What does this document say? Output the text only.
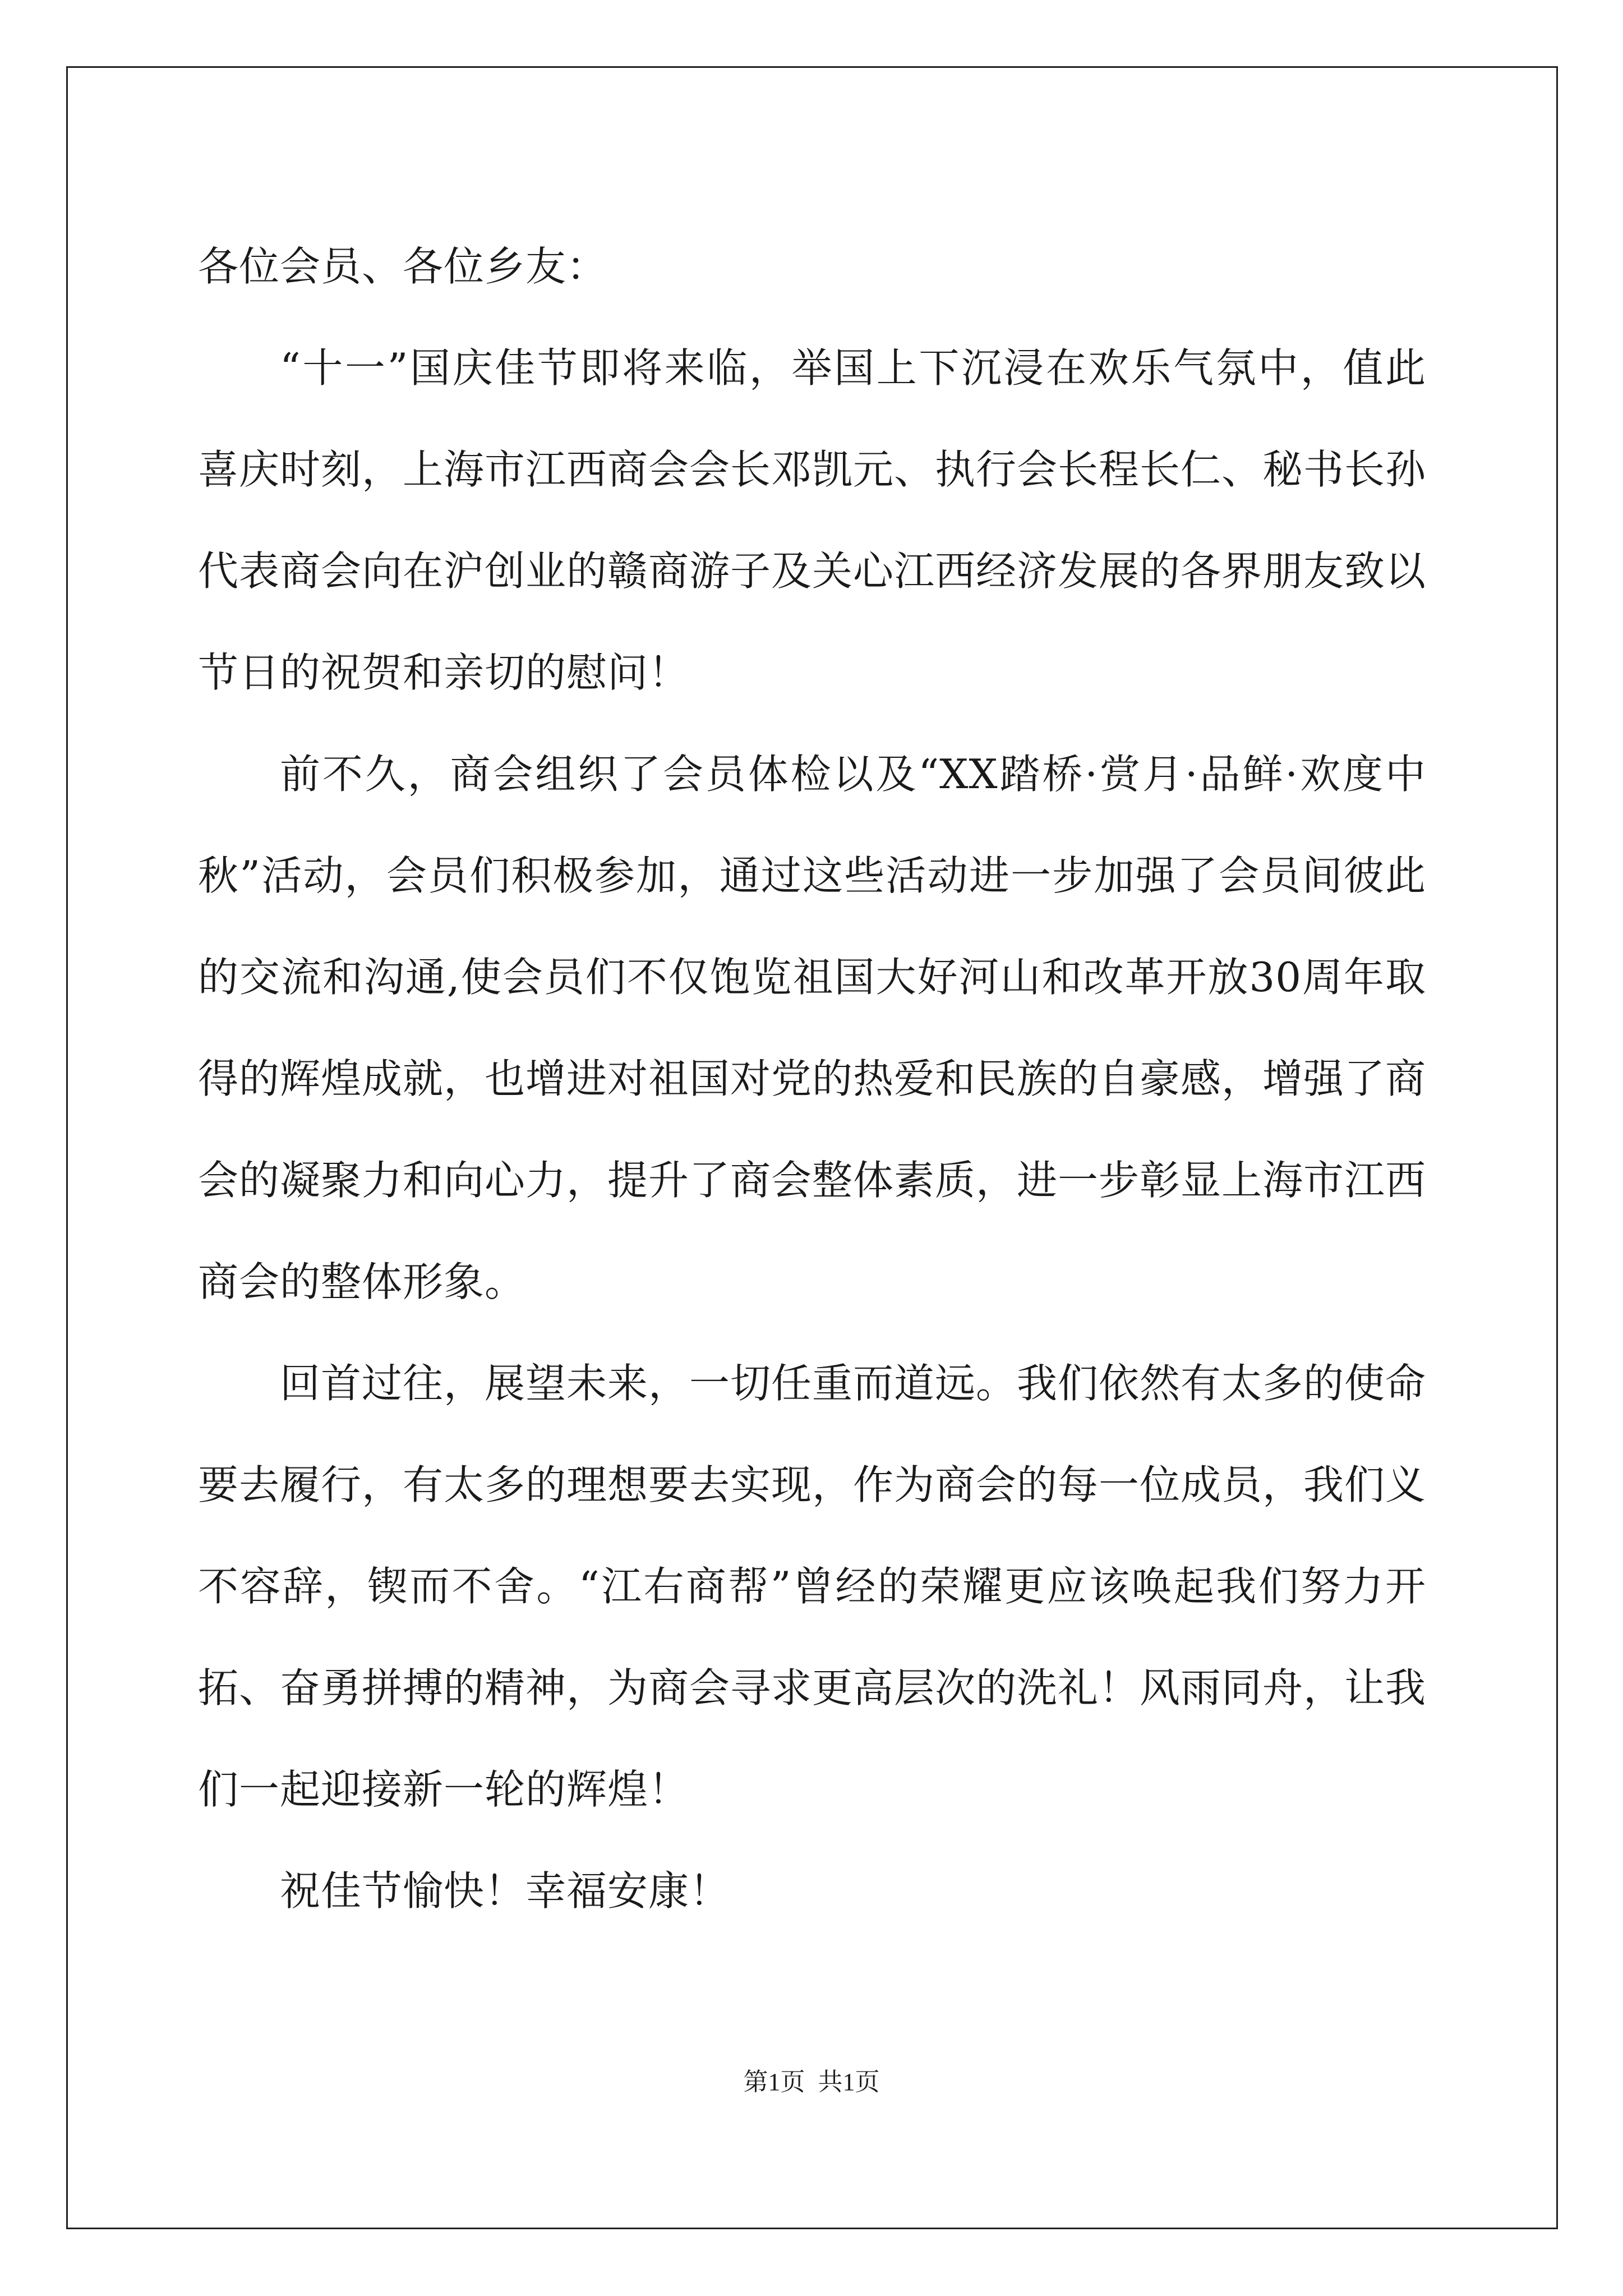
各位会员、各位乡友：

“十一”国庆佳节即将来临，举国上下沉浸在欢乐气氛中，值此喜庆时刻，上海市江西商会会长邓凯元、执行会长程长仁、秘书长孙代表商会向在沪创业的赣商游子及关心江西经济发展的各界朋友致以节日的祝贺和亲切的慰问！

前不久，商会组织了会员体检以及“XX踏桥·赏月·品鲜·欢度中秋”活动，会员们积极参加，通过这些活动进一步加强了会员间彼此的交流和沟通,使会员们不仅饱览祖国大好河山和改革开放30周年取得的辉煌成就，也增进对祖国对党的热爱和民族的自豪感，增强了商会的凝聚力和向心力，提升了商会整体素质，进一步彰显上海市江西商会的整体形象。

回首过往，展望未来，一切任重而道远。我们依然有太多的使命要去履行，有太多的理想要去实现，作为商会的每一位成员，我们义不容辞，锲而不舍。“江右商帮”曾经的荣耀更应该唤起我们努力开拓、奋勇拼搏的精神，为商会寻求更高层次的洗礼！风雨同舟，让我们一起迎接新一轮的辉煌！

祝佳节愉快！幸福安康！

第1页 共1页
